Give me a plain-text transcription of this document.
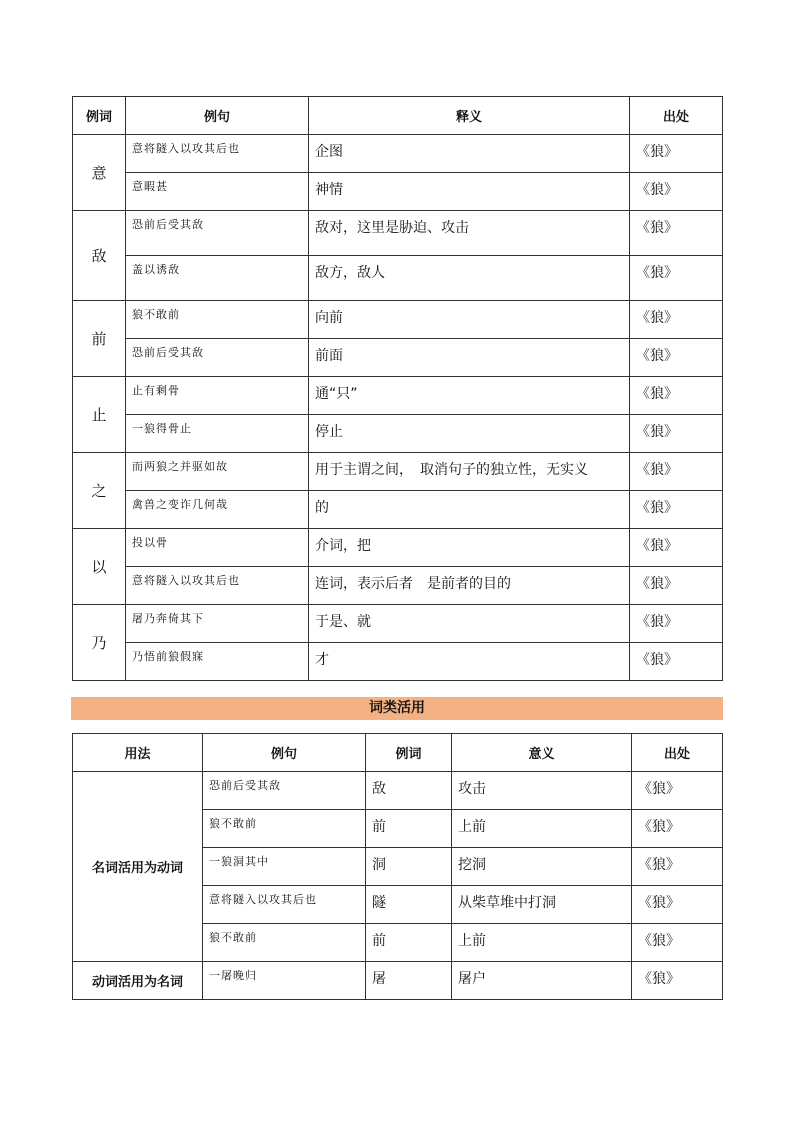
例词	例句	释义	出处
意	意将隧入以攻其后也	企图	《狼》
	意暇甚	神情	《狼》
敌	恐前后受其敌	敌对，这里是胁迫、攻击	《狼》
	盖以诱敌	敌方，敌人	《狼》
前	狼不敢前	向前	《狼》
	恐前后受其敌	前面	《狼》
止	止有剩骨	通“只”	《狼》
	一狼得骨止	停止	《狼》
之	而两狼之并驱如故	用于主谓之间，　取消句子的独立性，无实义	《狼》
	禽兽之变诈几何哉	的	《狼》
以	投以骨	介词，把	《狼》
	意将隧入以攻其后也	连词，表示后者　是前者的目的	《狼》
乃	屠乃奔倚其下	于是、就	《狼》
	乃悟前狼假寐	才	《狼》
词类活用
用法	例句	例词	意义	出处
名词活用为动词	恐前后受其敌	敌	攻击	《狼》
	狼不敢前	前	上前	《狼》
	一狼洞其中	洞	挖洞	《狼》
	意将隧入以攻其后也	隧	从柴草堆中打洞	《狼》
	狼不敢前	前	上前	《狼》
动词活用为名词	一屠晚归	屠	屠户	《狼》
